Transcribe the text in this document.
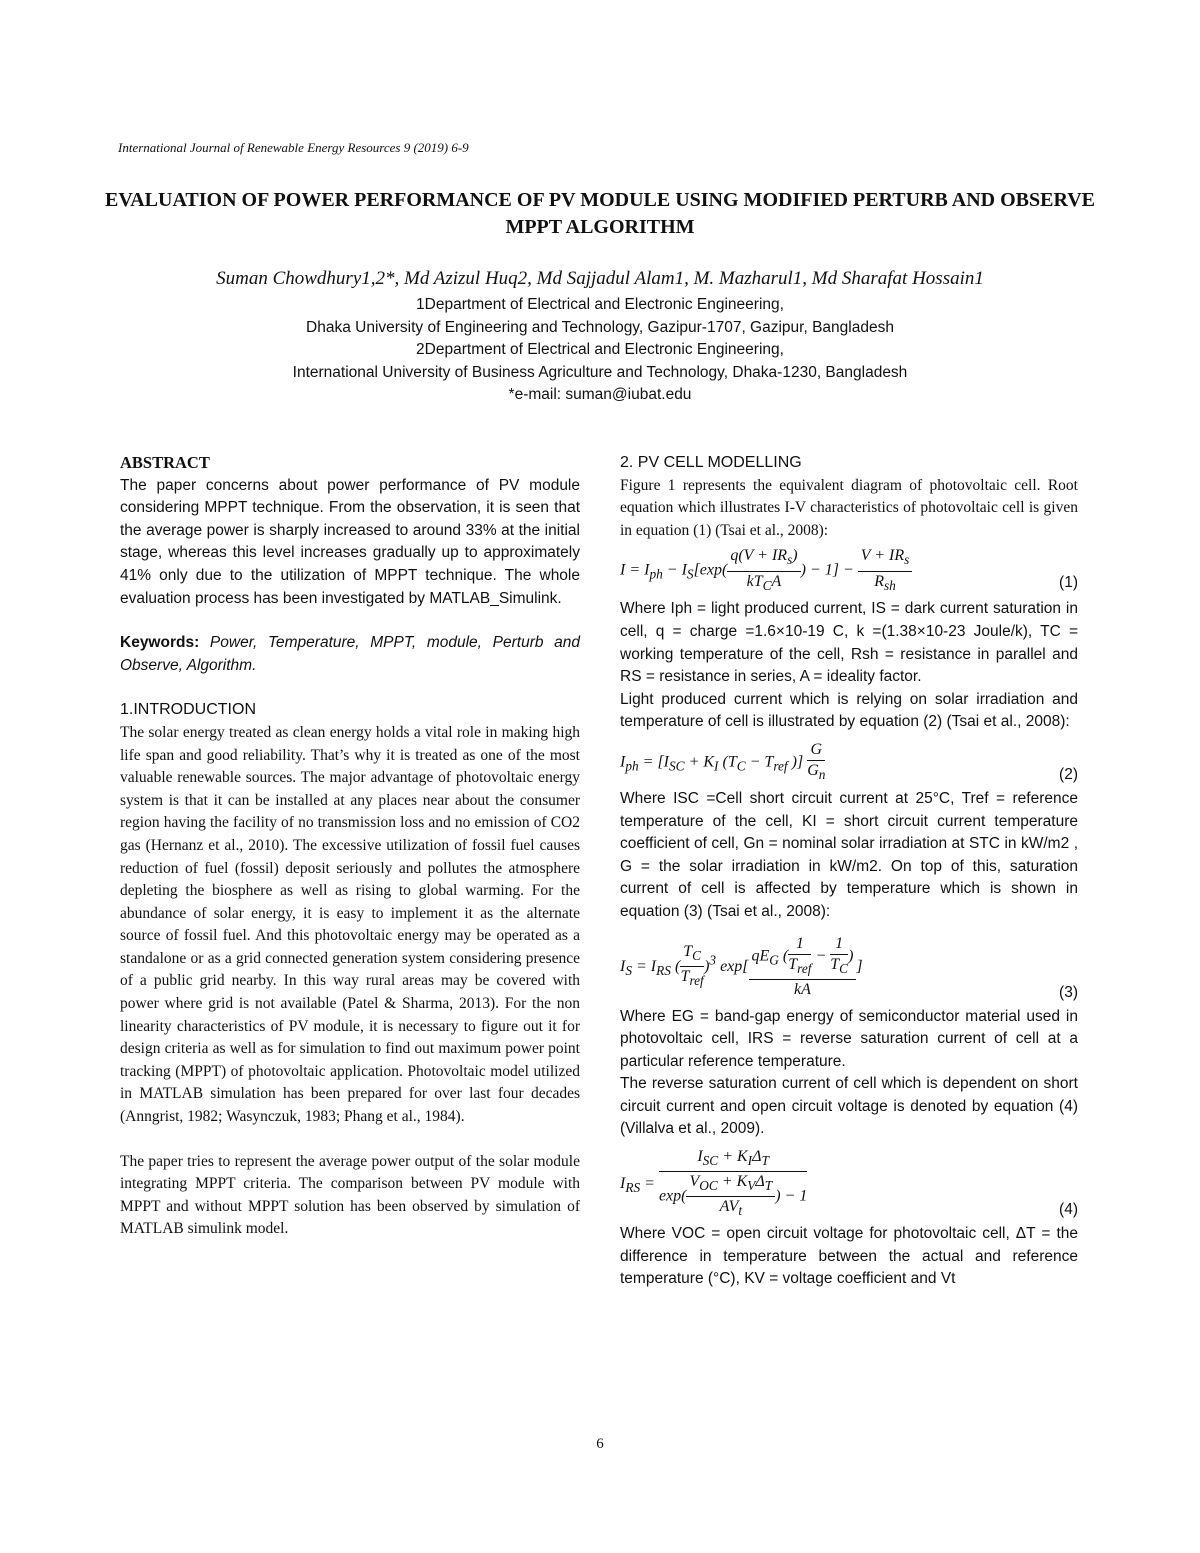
International Journal of Renewable Energy Resources 9 (2019) 6-9
EVALUATION OF POWER PERFORMANCE OF PV MODULE USING MODIFIED PERTURB AND OBSERVE MPPT ALGORITHM
Suman Chowdhury1,2*, Md Azizul Huq2, Md Sajjadul Alam1, M. Mazharul1, Md Sharafat Hossain1
1Department of Electrical and Electronic Engineering,
Dhaka University of Engineering and Technology, Gazipur-1707, Gazipur, Bangladesh
2Department of Electrical and Electronic Engineering,
International University of Business Agriculture and Technology, Dhaka-1230, Bangladesh
*e-mail: suman@iubat.edu
ABSTRACT

The paper concerns about power performance of PV module considering MPPT technique. From the observation, it is seen that the average power is sharply increased to around 33% at the initial stage, whereas this level increases gradually up to approximately 41% only due to the utilization of MPPT technique. The whole evaluation process has been investigated by MATLAB_Simulink.

Keywords: Power, Temperature, MPPT, module, Perturb and Observe, Algorithm.

1.INTRODUCTION

The solar energy treated as clean energy holds a vital role in making high life span and good reliability. That’s why it is treated as one of the most valuable renewable sources. The major advantage of photovoltaic energy system is that it can be installed at any places near about the consumer region having the facility of no transmission loss and no emission of CO2 gas (Hernanz et al., 2010). The excessive utilization of fossil fuel causes reduction of fuel (fossil) deposit seriously and pollutes the atmosphere depleting the biosphere as well as rising to global warming. For the abundance of solar energy, it is easy to implement it as the alternate source of fossil fuel. And this photovoltaic energy may be operated as a standalone or as a grid connected generation system considering presence of a public grid nearby. In this way rural areas may be covered with power where grid is not available (Patel & Sharma, 2013). For the non linearity characteristics of PV module, it is necessary to figure out it for design criteria as well as for simulation to find out maximum power point tracking (MPPT) of photovoltaic application. Photovoltaic model utilized in MATLAB simulation has been prepared for over last four decades (Anngrist, 1982; Wasynczuk, 1983; Phang et al., 1984).

The paper tries to represent the average power output of the solar module integrating MPPT criteria. The comparison between PV module with MPPT and without MPPT solution has been observed by simulation of MATLAB simulink model.

2. PV CELL MODELLING

Figure 1 represents the equivalent diagram of photovoltaic cell. Root equation which illustrates I-V characteristics of photovoltaic cell is given in equation (1) (Tsai et al., 2008):

$I = I_{ph} - I_S[\exp( \frac{q(V + IR_s)}{kT_CA}$ ) − $1] - \frac{V + IR_s}{R_{sh}}$	(1)

Where Iph = light produced current, IS = dark current saturation in cell, q = charge =1.6×10-19 C, k =(1.38×10-23 Joule/k), TC = working temperature of the cell, Rsh = resistance in parallel and RS = resistance in series, A = ideality factor.

Light produced current which is relying on solar irradiation and temperature of cell is illustrated by equation (2) (Tsai et al., 2008):

$I_{ph} = [I_{SC} + K_I$ ($T_C - T_{ref}$ )] $\frac{G}{G_n}$	(2)

Where ISC =Cell short circuit current at 25°C, Tref = reference temperature of the cell, KI = short circuit current temperature coefficient of cell, Gn = nominal solar irradiation at STC in kW/m2 , G = the solar irradiation in kW/m2. On top of this, saturation current of cell is affected by temperature which is shown in equation (3) (Tsai et al., 2008):

$I_S = I_{RS}$ ( $\frac{T_C}{T_{ref}} )^3$ $\exp[ \frac{qE_G ( \frac{1}{T_{ref}} - \frac{1}{T_C} )}{kA}$ ]
(3)

Where EG = band-gap energy of semiconductor material used in photovoltaic cell, IRS = reverse saturation current of cell at a particular reference temperature.

The reverse saturation current of cell which is dependent on short circuit current and open circuit voltage is denoted by equation (4) (Villalva et al., 2009).

$I_{RS} = \frac{I_{SC} + K_I\Delta_T}{\exp( \frac{V_{OC} + K_V\Delta_T}{AV_t} ) - 1}$	(4)

Where VOC = open circuit voltage for photovoltaic cell, ΔT = the difference in temperature between the actual and reference temperature (°C), KV = voltage coefficient and Vt

6
